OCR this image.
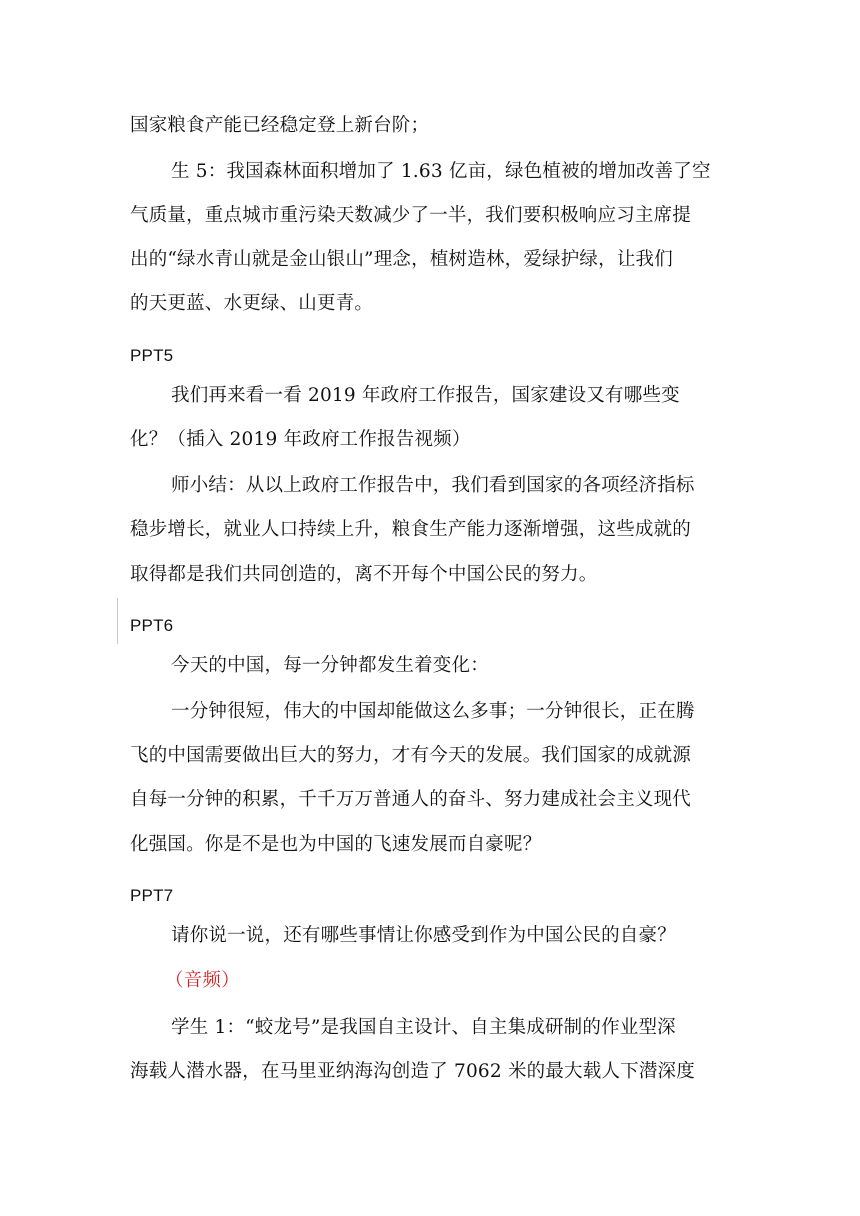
国家粮食产能已经稳定登上新台阶；
生 5：我国森林面积增加了 1.63 亿亩，绿色植被的增加改善了空
气质量，重点城市重污染天数减少了一半，我们要积极响应习主席提
出的“绿水青山就是金山银山”理念，植树造林，爱绿护绿，让我们
的天更蓝、水更绿、山更青。
PPT5
我们再来看一看 2019 年政府工作报告，国家建设又有哪些变
化？（插入 2019 年政府工作报告视频）
师小结：从以上政府工作报告中，我们看到国家的各项经济指标
稳步增长，就业人口持续上升，粮食生产能力逐渐增强，这些成就的
取得都是我们共同创造的，离不开每个中国公民的努力。
PPT6
今天的中国，每一分钟都发生着变化：
一分钟很短，伟大的中国却能做这么多事；一分钟很长，正在腾
飞的中国需要做出巨大的努力，才有今天的发展。我们国家的成就源
自每一分钟的积累，千千万万普通人的奋斗、努力建成社会主义现代
化强国。你是不是也为中国的飞速发展而自豪呢？
PPT7
请你说一说，还有哪些事情让你感受到作为中国公民的自豪？
（音频）
学生 1：“蛟龙号”是我国自主设计、自主集成研制的作业型深
海载人潜水器，在马里亚纳海沟创造了 7062 米的最大载人下潜深度
